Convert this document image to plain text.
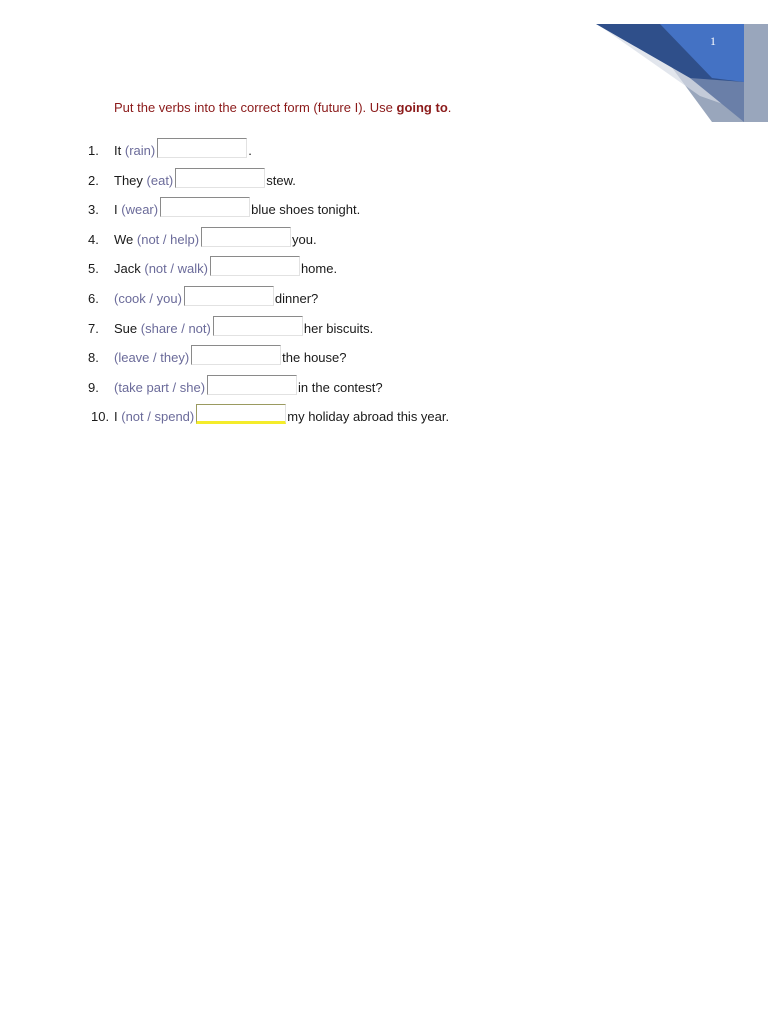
1
Put the verbs into the correct form (future I). Use going to.
1.	It
(rain)	.
2.	They
(eat)	stew.
3.	I
(wear)	blue shoes tonight.
4.	We
(not / help)	you.
5.	Jack
(not / walk)	home.
6.	(cook / you)	dinner?
7.	Sue
(share / not)	her biscuits.
8.	(leave / they)	the house?
9.	(take part / she)	in the contest?
10. I
(not / spend)	my holiday abroad this year.
